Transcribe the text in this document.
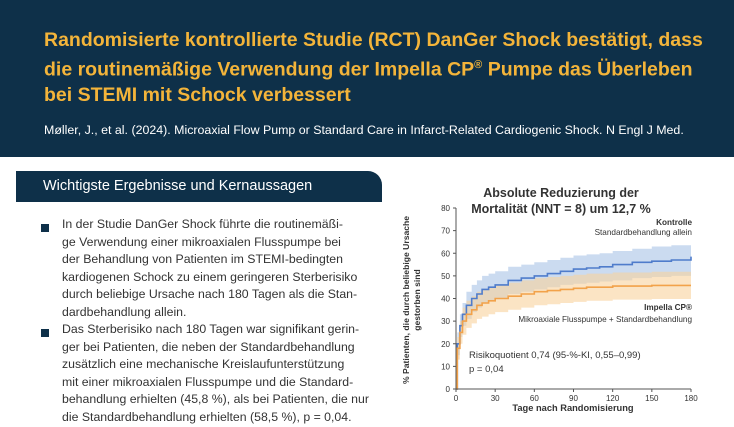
Randomisierte kontrollierte Studie (RCT) DanGer Shock bestätigt, dass die routinemäßige Verwendung der Impella CP® Pumpe das Überleben bei STEMI mit Schock verbessert
Møller, J., et al. (2024). Microaxial Flow Pump or Standard Care in Infarct-Related Cardiogenic Shock. N Engl J Med.
Wichtigste Ergebnisse und Kernaussagen
In der Studie DanGer Shock führte die routinemäßi-
ge Verwendung einer mikroaxialen Flusspumpe bei
der Behandlung von Patienten im STEMI-bedingten
kardiogenen Schock zu einem geringeren Sterberisiko
durch beliebige Ursache nach 180 Tagen als die Stan-
dardbehandlung allein.
Das Sterberisiko nach 180 Tagen war signifikant gerin-
ger bei Patienten, die neben der Standardbehandlung
zusätzlich eine mechanische Kreislaufunterstützung
mit einer mikroaxialen Flusspumpe und die Standard-
behandlung erhielten (45,8 %), als bei Patienten, die nur
die Standardbehandlung erhielten (58,5 %), p = 0,04.
Absolute Reduzierung der
Mortalität (NNT = 8) um 12,7 %
% Patienten, die durch beliebige Ursache gestorben sind
0
10
20
30
40
50
60
70
80
0	30	60	90	120	150	180
Tage nach Randomisierung
Kontrolle
Standardbehandlung allein
Impella CP®
Mikroaxiale Flusspumpe + Standardbehandlung
Risikoquotient 0,74 (95-%-KI, 0,55–0,99)
p = 0,04
